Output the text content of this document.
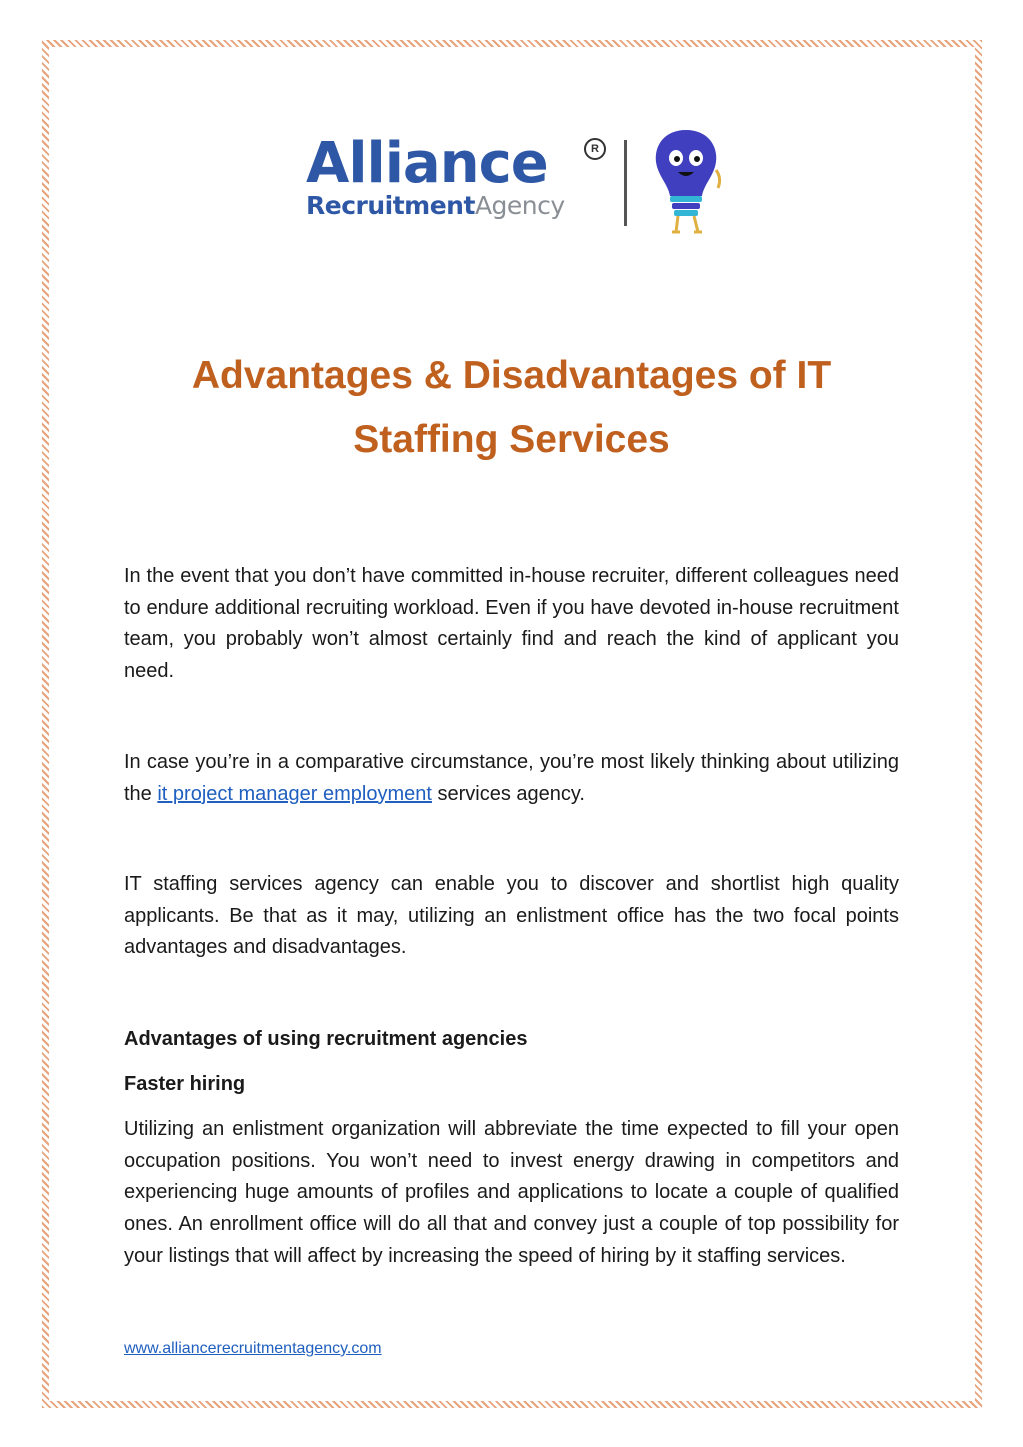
Alliance	R
RecruitmentAgency
Advantages & Disadvantages of IT
Staffing Services

In the event that you don’t have committed in-house recruiter, different colleagues need to endure additional recruiting workload. Even if you have devoted in-house recruitment team, you probably won’t almost certainly find and reach the kind of applicant you need.

In case you’re in a comparative circumstance, you’re most likely thinking about utilizing the it project manager employment services agency.

IT staffing services agency can enable you to discover and shortlist high quality applicants. Be that as it may, utilizing an enlistment office has the two focal points advantages and disadvantages.

Advantages of using recruitment agencies
Faster hiring

Utilizing an enlistment organization will abbreviate the time expected to fill your open occupation positions. You won’t need to invest energy drawing in competitors and experiencing huge amounts of profiles and applications to locate a couple of qualified ones. An enrollment office will do all that and convey just a couple of top possibility for your listings that will affect by increasing the speed of hiring by it staffing services.

www.alliancerecruitmentagency.com
